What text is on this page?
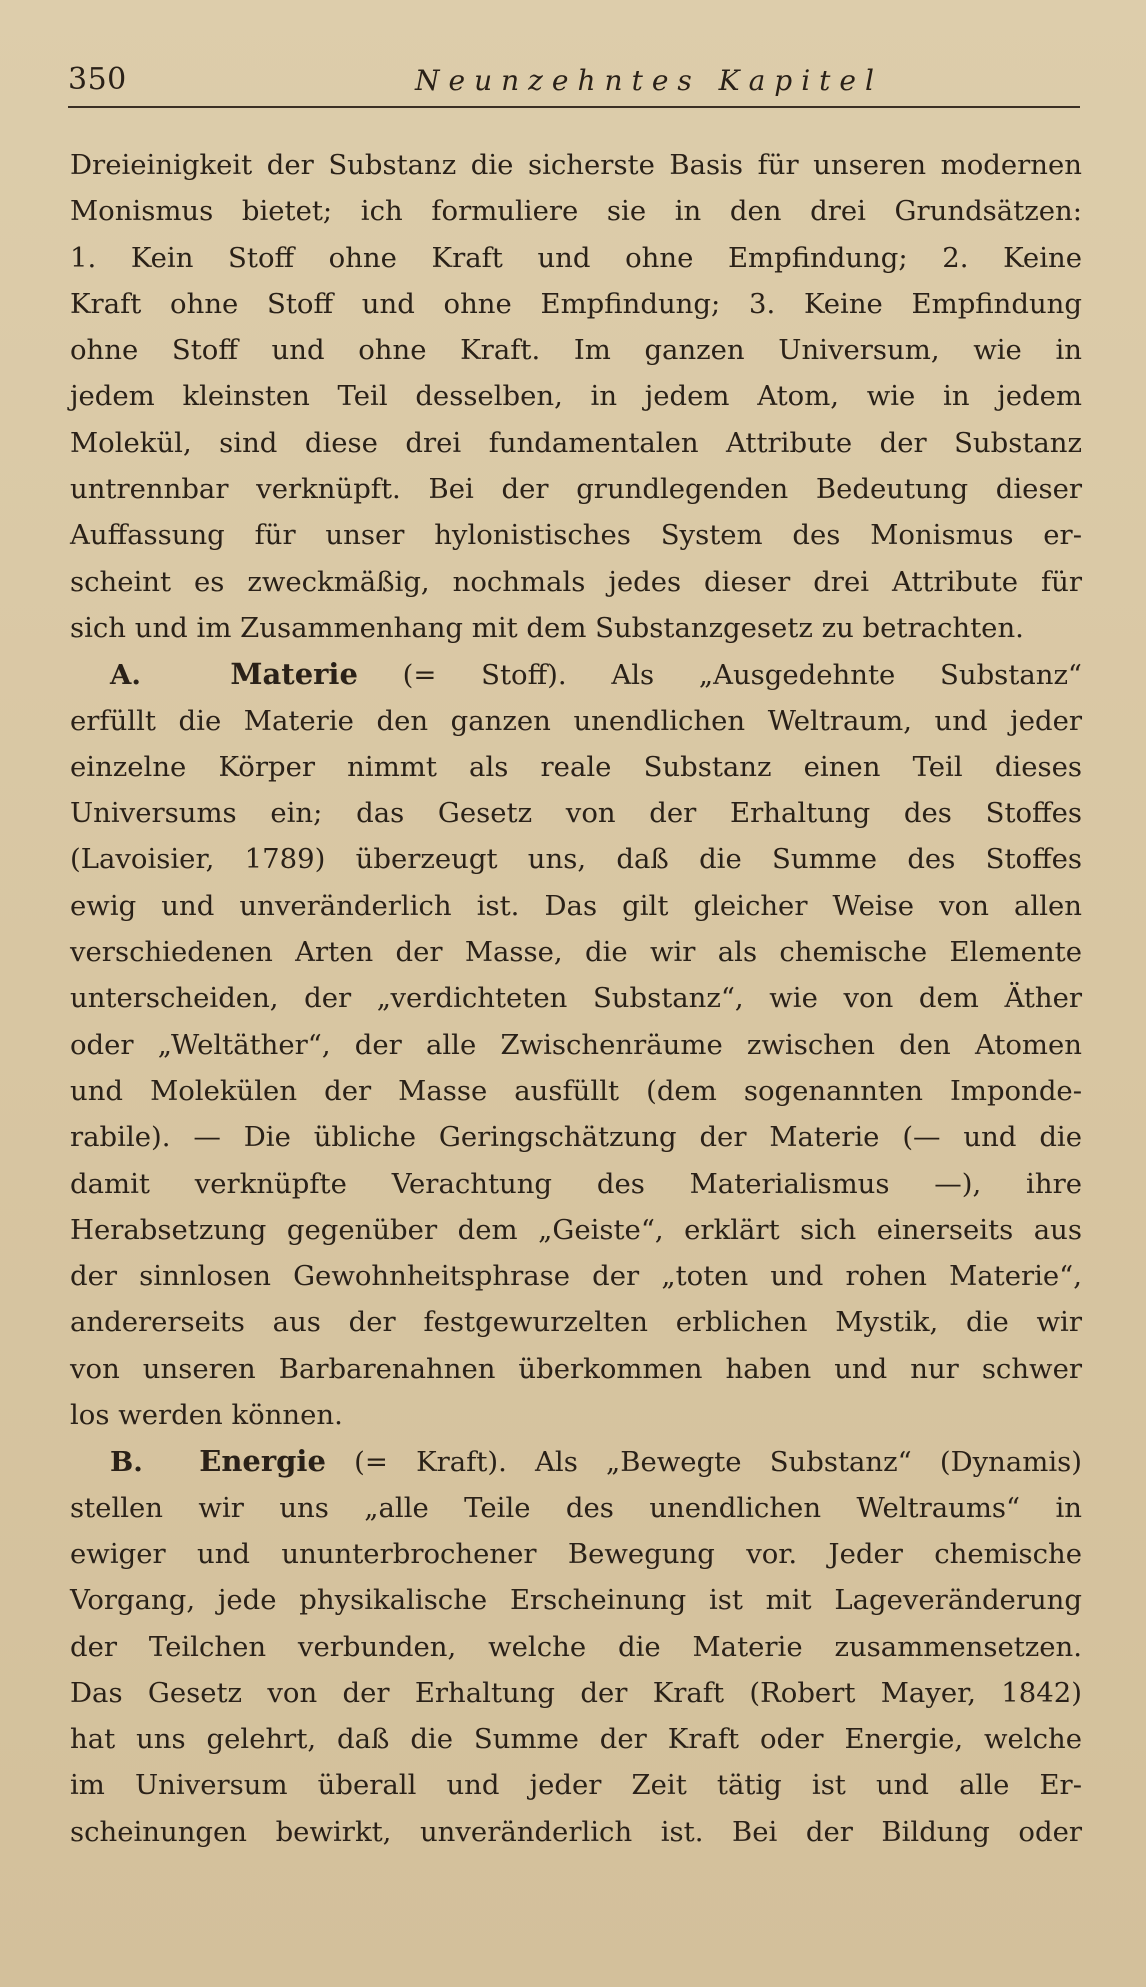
350	Neunzehntes Kapitel
Dreieinigkeit der Substanz die sicherste Basis für unseren modernen
Monismus bietet; ich formuliere sie in den drei Grundsätzen:
1. Kein Stoff ohne Kraft und ohne Empfindung; 2. Keine
Kraft ohne Stoff und ohne Empfindung; 3. Keine Empfindung
ohne Stoff und ohne Kraft. Im ganzen Universum, wie in
jedem kleinsten Teil desselben, in jedem Atom, wie in jedem
Molekül, sind diese drei fundamentalen Attribute der Substanz
untrennbar verknüpft. Bei der grundlegenden Bedeutung dieser
Auffassung für unser hylonistisches System des Monismus er-
scheint es zweckmäßig, nochmals jedes dieser drei Attribute für
sich und im Zusammenhang mit dem Substanzgesetz zu betrachten.
A.	Materie (= Stoff). Als „Ausgedehnte Substanz“
erfüllt die Materie den ganzen unendlichen Weltraum, und jeder
einzelne Körper nimmt als reale Substanz einen Teil dieses
Universums ein; das Gesetz von der Erhaltung des Stoffes
(Lavoisier, 1789) überzeugt uns, daß die Summe des Stoffes
ewig und unveränderlich ist. Das gilt gleicher Weise von allen
verschiedenen Arten der Masse, die wir als chemische Elemente
unterscheiden, der „verdichteten Substanz“, wie von dem Äther
oder „Weltäther“, der alle Zwischenräume zwischen den Atomen
und Molekülen der Masse ausfüllt (dem sogenannten Imponde-
rabile). — Die übliche Geringschätzung der Materie (— und die
damit verknüpfte Verachtung des Materialismus —), ihre
Herabsetzung gegenüber dem „Geiste“, erklärt sich einerseits aus
der sinnlosen Gewohnheitsphrase der „toten und rohen Materie“,
andererseits aus der festgewurzelten erblichen Mystik, die wir
von unseren Barbarenahnen überkommen haben und nur schwer
los werden können.
B. Energie (= Kraft). Als „Bewegte Substanz“ (Dynamis)
stellen wir uns „alle Teile des unendlichen Weltraums“ in
ewiger und ununterbrochener Bewegung vor. Jeder chemische
Vorgang, jede physikalische Erscheinung ist mit Lageveränderung
der Teilchen verbunden, welche die Materie zusammensetzen.
Das Gesetz von der Erhaltung der Kraft (Robert Mayer, 1842)
hat uns gelehrt, daß die Summe der Kraft oder Energie, welche
im Universum überall und jeder Zeit tätig ist und alle Er-
scheinungen bewirkt, unveränderlich ist. Bei der Bildung oder
